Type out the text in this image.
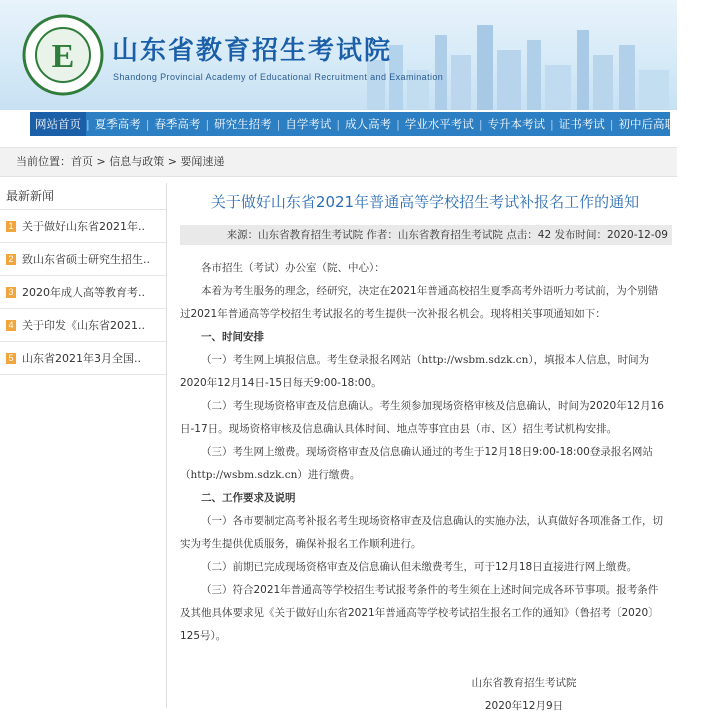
E 山东省教育招生考试院
Shandong Provincial Academy of Educational Recruitment and Examination
网站首页 | 夏季高考 | 春季高考 | 研究生招考 | 自学考试 | 成人高考 | 学业水平考试 | 专升本考试 | 证书考试 | 初中后高职招生
当前位置：首页 > 信息与政策 > 要闻速递
最新新闻
1 关于做好山东省2021年..
2 致山东省硕士研究生招生..
3 2020年成人高等教育考..
4 关于印发《山东省2021..
5 山东省2021年3月全国..
关于做好山东省2021年普通高等学校招生考试补报名工作的通知
来源：山东省教育招生考试院 作者：山东省教育招生考试院 点击：42 发布时间：2020-12-09

各市招生（考试）办公室（院、中心）：

本着为考生服务的理念，经研究，决定在2021年普通高校招生夏季高考外语听力考试前，为个别错过2021年普通高等学校招生考试报名的考生提供一次补报名机会。现将相关事项通知如下：

一、时间安排

（一）考生网上填报信息。考生登录报名网站（http://wsbm.sdzk.cn），填报本人信息，时间为2020年12月14日-15日每天9:00-18:00。

（二）考生现场资格审查及信息确认。考生须参加现场资格审核及信息确认，时间为2020年12月16日-17日。现场资格审核及信息确认具体时间、地点等事宜由县（市、区）招生考试机构安排。

（三）考生网上缴费。现场资格审查及信息确认通过的考生于12月18日9:00-18:00登录报名网站（http://wsbm.sdzk.cn）进行缴费。

二、工作要求及说明

（一）各市要制定高考补报名考生现场资格审查及信息确认的实施办法，认真做好各项准备工作，切实为考生提供优质服务，确保补报名工作顺利进行。

（二）前期已完成现场资格审查及信息确认但未缴费考生，可于12月18日直接进行网上缴费。

（三）符合2021年普通高等学校招生考试报考条件的考生须在上述时间完成各环节事项。报考条件及其他具体要求见《关于做好山东省2021年普通高等学校考试招生报名工作的通知》（鲁招考〔2020〕125号）。

山东省教育招生考试院

2020年12月9日
